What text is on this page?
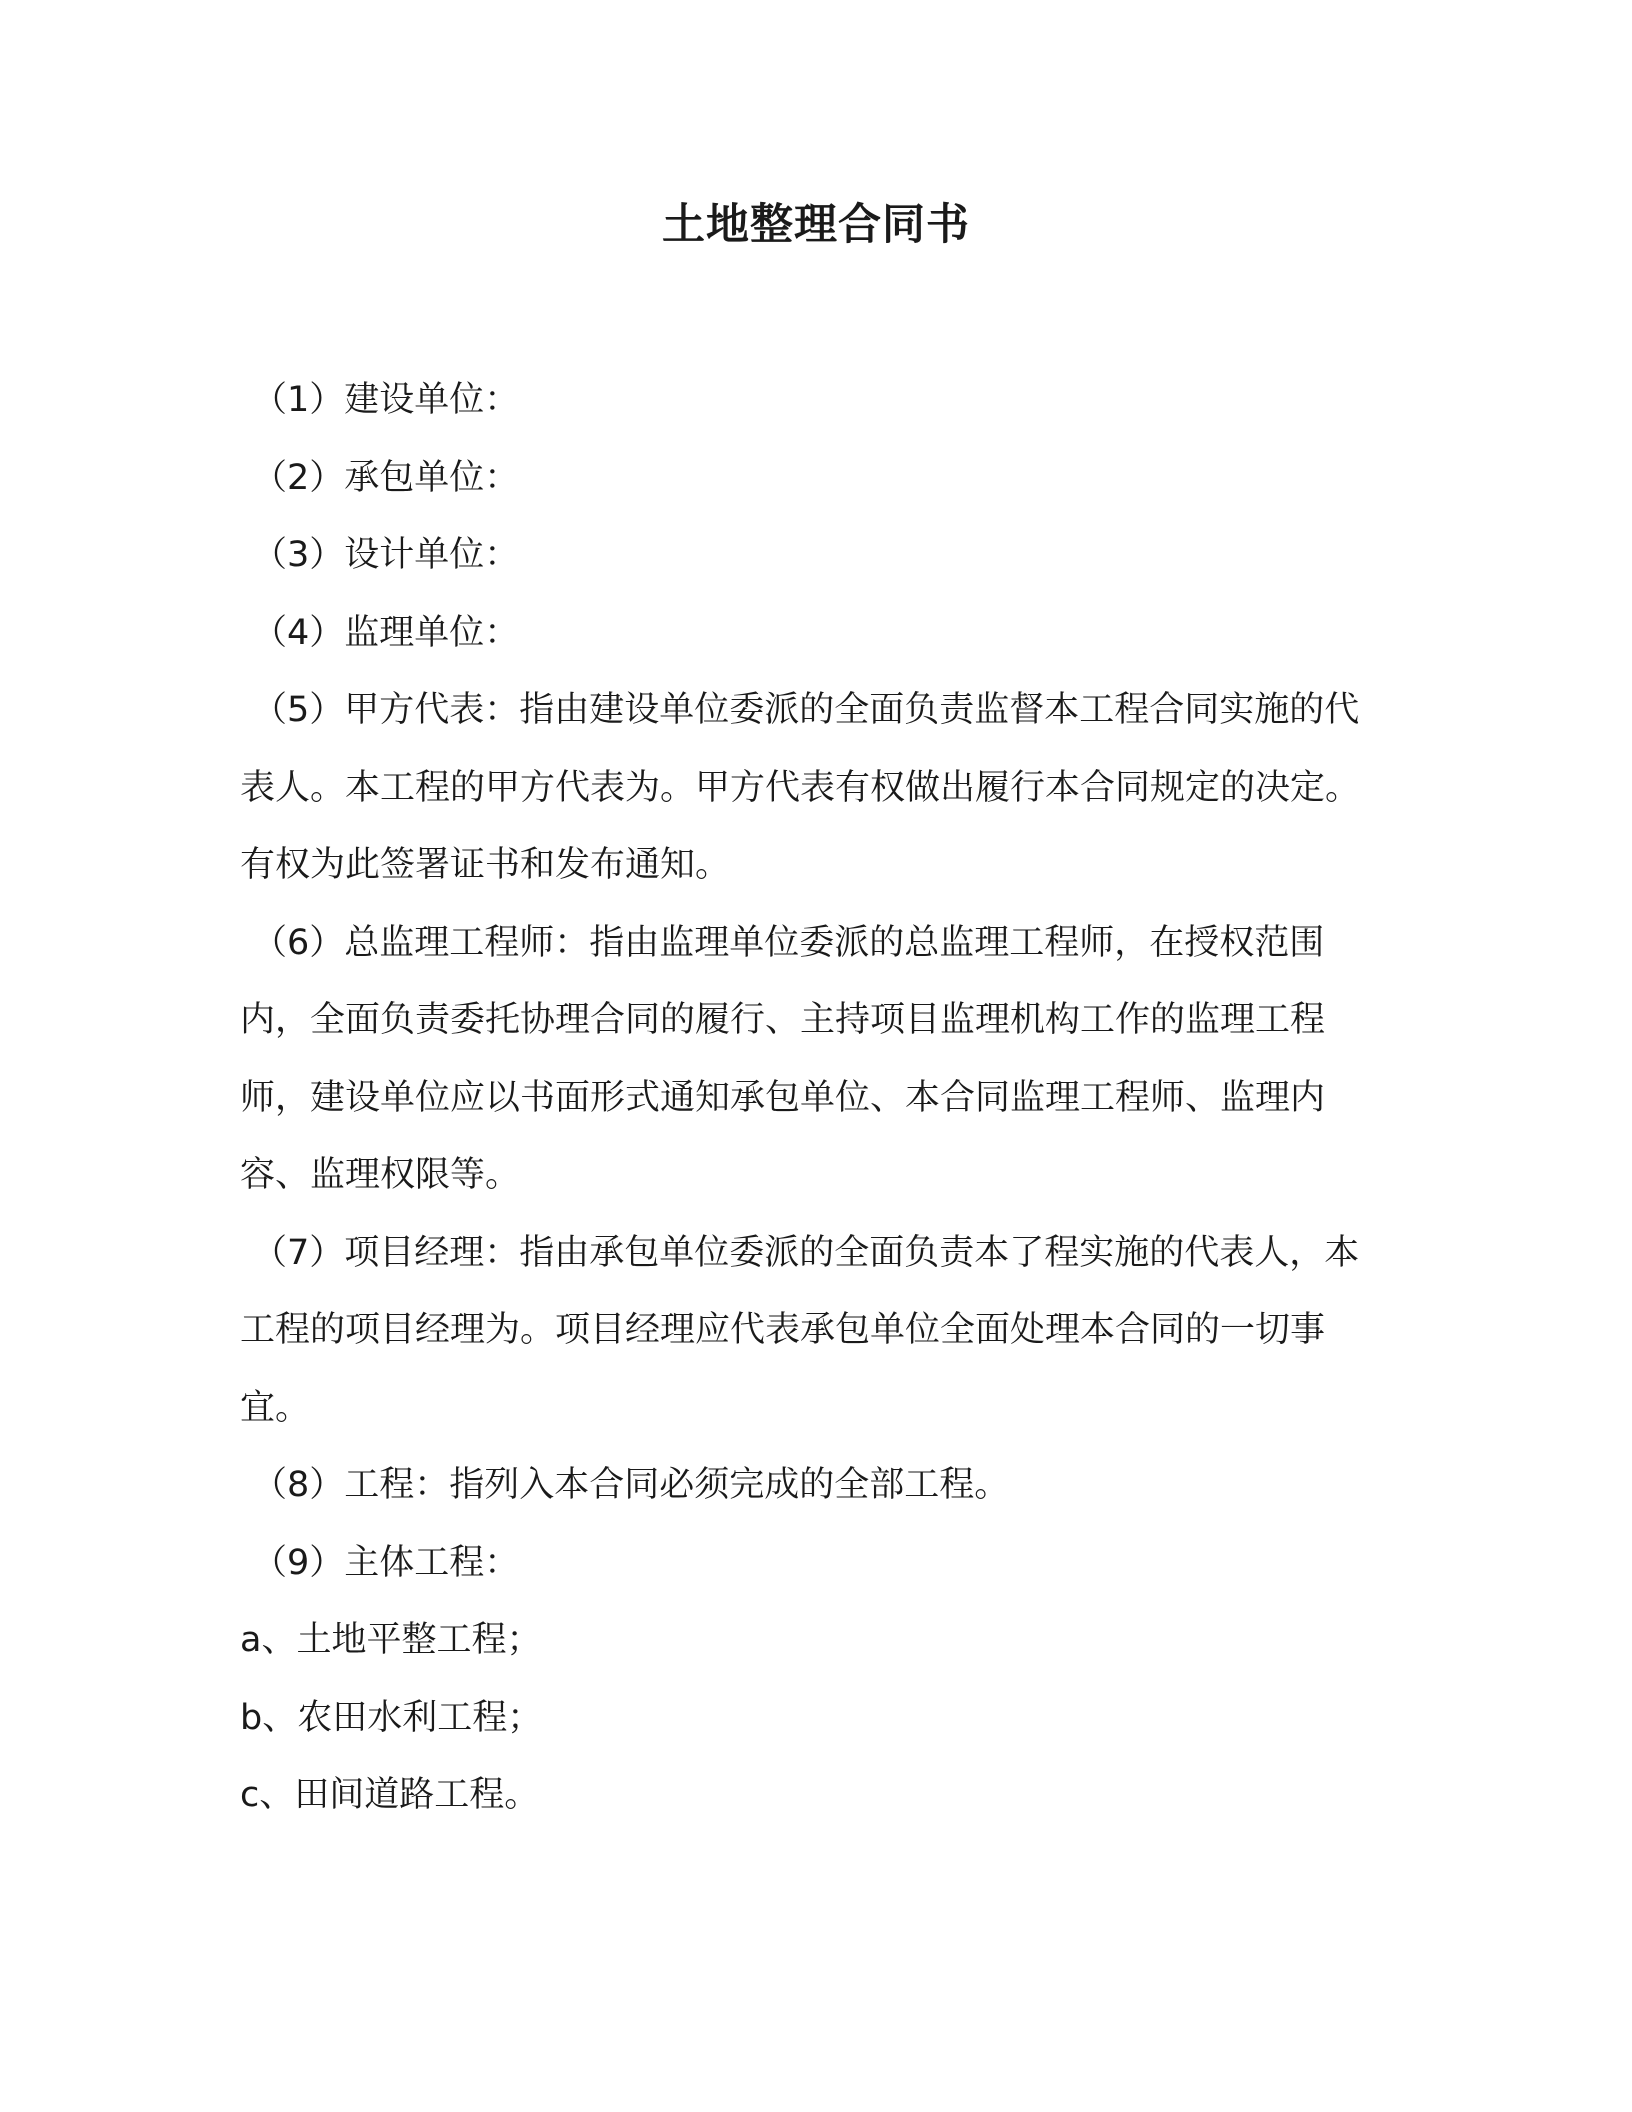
土地整理合同书

（1）建设单位：

（2）承包单位：

（3）设计单位：

（4）监理单位：

（5）甲方代表：指由建设单位委派的全面负责监督本工程合同实施的代表人。本工程的甲方代表为。甲方代表有权做出履行本合同规定的决定。有权为此签署证书和发布通知。

（6）总监理工程师：指由监理单位委派的总监理工程师，在授权范围内，全面负责委托协理合同的履行、主持项目监理机构工作的监理工程师，建设单位应以书面形式通知承包单位、本合同监理工程师、监理内容、监理权限等。

（7）项目经理：指由承包单位委派的全面负责本了程实施的代表人，本工程的项目经理为。项目经理应代表承包单位全面处理本合同的一切事宜。

（8）工程：指列入本合同必须完成的全部工程。

（9）主体工程：

a、土地平整工程；

b、农田水利工程；

c、田间道路工程。
